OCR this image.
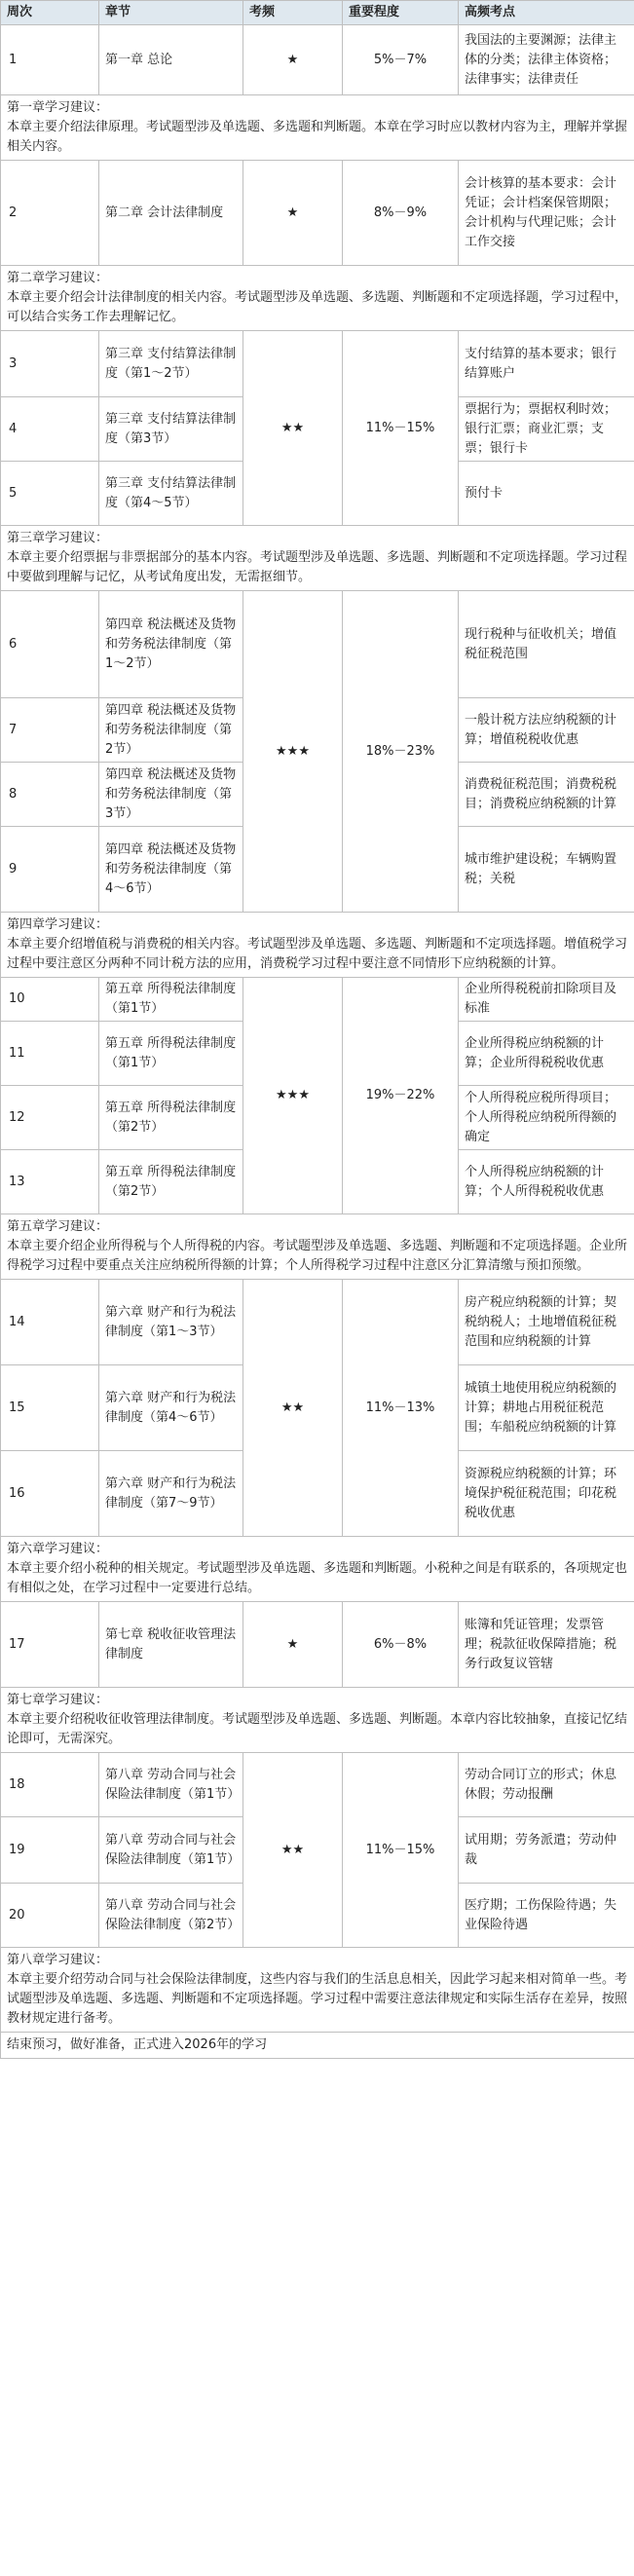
周次	章节	考频	重要程度	高频考点
1	第一章 总论	★	5%－7%	我国法的主要渊源；法律主体的分类；法律主体资格；法律事实；法律责任

第一章学习建议：
本章主要介绍法律原理。考试题型涉及单选题、多选题和判断题。本章在学习时应以教材内容为主，理解并掌握相关内容。				

2	第二章 会计法律制度	★	8%－9%	会计核算的基本要求：会计凭证；会计档案保管期限；会计机构与代理记账；会计工作交接

第二章学习建议：
本章主要介绍会计法律制度的相关内容。考试题型涉及单选题、多选题、判断题和不定项选择题，学习过程中，可以结合实务工作去理解记忆。				

3	第三章 支付结算法律制度（第1～2节）	★★	11%－15%	支付结算的基本要求；银行结算账户
4	第三章 支付结算法律制度（第3节）			票据行为；票据权利时效；银行汇票；商业汇票；支票；银行卡
5	第三章 支付结算法律制度（第4～5节）			预付卡

第三章学习建议：
本章主要介绍票据与非票据部分的基本内容。考试题型涉及单选题、多选题、判断题和不定项选择题。学习过程中要做到理解与记忆，从考试角度出发，无需抠细节。				

6	第四章 税法概述及货物和劳务税法律制度（第1～2节）	★★★	18%－23%	现行税种与征收机关；增值税征税范围
7	第四章 税法概述及货物和劳务税法律制度（第2节）			一般计税方法应纳税额的计算；增值税税收优惠
8	第四章 税法概述及货物和劳务税法律制度（第3节）			消费税征税范围；消费税税目；消费税应纳税额的计算
9	第四章 税法概述及货物和劳务税法律制度（第4～6节）			城市维护建设税；车辆购置税；关税

第四章学习建议：
本章主要介绍增值税与消费税的相关内容。考试题型涉及单选题、多选题、判断题和不定项选择题。增值税学习过程中要注意区分两种不同计税方法的应用，消费税学习过程中要注意不同情形下应纳税额的计算。				

10	第五章 所得税法律制度（第1节）	★★★	19%－22%	企业所得税税前扣除项目及标准
11	第五章 所得税法律制度（第1节）			企业所得税应纳税额的计算；企业所得税税收优惠
12	第五章 所得税法律制度（第2节）			个人所得税应税所得项目；个人所得税应纳税所得额的确定
13	第五章 所得税法律制度（第2节）			个人所得税应纳税额的计算；个人所得税税收优惠

第五章学习建议：
本章主要介绍企业所得税与个人所得税的内容。考试题型涉及单选题、多选题、判断题和不定项选择题。企业所得税学习过程中要重点关注应纳税所得额的计算；个人所得税学习过程中注意区分汇算清缴与预扣预缴。				

14	第六章 财产和行为税法律制度（第1～3节）	★★	11%－13%	房产税应纳税额的计算；契税纳税人；土地增值税征税范围和应纳税额的计算
15	第六章 财产和行为税法律制度（第4～6节）			城镇土地使用税应纳税额的计算；耕地占用税征税范围；车船税应纳税额的计算
16	第六章 财产和行为税法律制度（第7～9节）			资源税应纳税额的计算；环境保护税征税范围；印花税税收优惠

第六章学习建议：
本章主要介绍小税种的相关规定。考试题型涉及单选题、多选题和判断题。小税种之间是有联系的，各项规定也有相似之处，在学习过程中一定要进行总结。				

17	第七章 税收征收管理法律制度	★	6%－8%	账簿和凭证管理；发票管理；税款征收保障措施；税务行政复议管辖

第七章学习建议：
本章主要介绍税收征收管理法律制度。考试题型涉及单选题、多选题、判断题。本章内容比较抽象，直接记忆结论即可，无需深究。				

18	第八章 劳动合同与社会保险法律制度（第1节）	★★	11%－15%	劳动合同订立的形式；休息休假；劳动报酬
19	第八章 劳动合同与社会保险法律制度（第1节）			试用期；劳务派遣；劳动仲裁
20	第八章 劳动合同与社会保险法律制度（第2节）			医疗期；工伤保险待遇；失业保险待遇

第八章学习建议：
本章主要介绍劳动合同与社会保险法律制度，这些内容与我们的生活息息相关，因此学习起来相对简单一些。考试题型涉及单选题、多选题、判断题和不定项选择题。学习过程中需要注意法律规定和实际生活存在差异，按照教材规定进行备考。				

结束预习，做好准备，正式进入2026年的学习				
